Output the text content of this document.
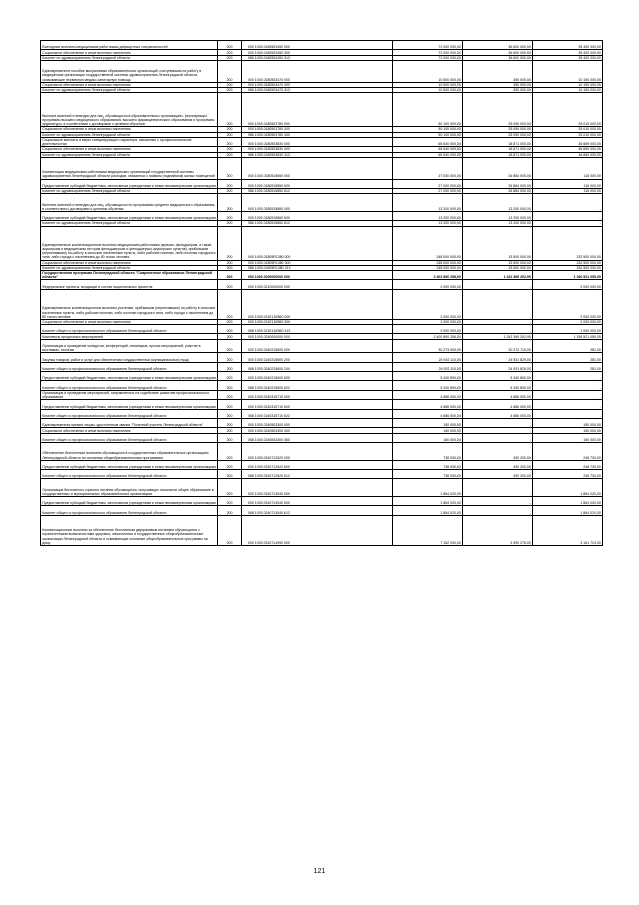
Ежегодные выплаты медицинским работникам дефицитных специальностей	200	000 1003 0180503450 000	72 000 000,00	36 600 000,00	35 400 000,00
Социальное обеспечение и иные выплаты населению	200	000 1003 0180503450 300	72 000 000,00	36 600 000,00	35 400 000,00
Комитет по здравоохранению Ленинградской области	200	986 1003 0180503450 313	72 000 000,00	36 600 000,00	35 400 000,00
Единовременное пособие выпускникам образовательных организаций, поступившим на работу в медицинские организации государственной системы здравоохранения Ленинградской области, оказывающие первичную медико-санитарную помощь	200	000 1003 0180503470 000	10 500 000,00	350 000,00	10 150 000,00
Социальное обеспечение и иные выплаты населению	200	000 1003 0180503470 300	10 500 000,00	350 000,00	10 150 000,00
Комитет по здравоохранению Ленинградской области	200	986 1003 0180503470 313	10 500 000,00	350 000,00	10 150 000,00
Выплата именной стипендии для лиц, обучающихся в образовательных организациях, реализующих программы высшего медицинского образования, высшего фармацевтического образования и программы ординатуры, в соответствии с договорами о целевом обучении	200	000 1003 0180503780 000	50 100 000,00	25 090 000,00	25 010 000,00
Социальное обеспечение и иные выплаты населению	200	000 1003 0180503780 300	50 100 000,00	25 090 000,00	25 010 000,00
Комитет по здравоохранению Ленинградской области	200	986 1003 0180503780 340	50 100 000,00	25 090 000,00	25 010 000,00
Социальные выплаты и меры стимулирующего характера, связанные с профессиональной деятельностью	200	000 1003 0180503830 000	65 540 000,00	18 871 000,00	46 669 000,00
Социальное обеспечение и иные выплаты населению	200	000 1003 0180503830 300	65 540 000,00	18 871 000,00	46 669 000,00
Комитет по здравоохранению Ленинградской области	200	986 1003 0180503830 313	65 540 000,00	18 871 000,00	46 669 000,00
Компенсация медицинским работникам медицинских организаций государственной системы здравоохранения Ленинградской области расходов, связанных с наймом (поднаймом) жилых помещений	200	000 1003 0180515850 000	27 000 000,00	26 884 000,00	116 000,00
Предоставление субсидий бюджетным, автономным учреждениям и иным некоммерческим организациям	200	000 1003 0180515850 600	27 000 000,00	26 884 000,00	116 000,00
Комитет по здравоохранению Ленинградской области	200	986 1003 0180515850 612	27 000 000,00	26 884 000,00	116 000,00
Выплата именной стипендии для лиц, обучающихся по программам среднего медицинского образования, в соответствии с договорами о целевом обучении	200	000 1003 0180515860 000	13 200 000,00	13 200 000,00	-
Предоставление субсидий бюджетным, автономным учреждениям и иным некоммерческим организациям	200	000 1003 0180515860 600	13 200 000,00	13 200 000,00	-
Комитет по здравоохранению Ленинградской области	200	986 1003 0180515860 612	13 200 000,00	13 200 000,00	-
Единовременные компенсационные выплаты медицинским работникам (врачам, фельдшерам, а также акушеркам и медицинским сестрам фельдшерских и фельдшерско-акушерских пунктов), прибывшим (переехавшим) на работу в сельские населенные пункты, либо рабочие поселки, либо поселки городского типа, либо города с населением до 50 тысяч человек	200	000 1003 01805R1380 000	248 000 000,00	15 500 000,00	232 500 000,00
Социальное обеспечение и иные выплаты населению	200	000 1003 01805R1380 300	248 000 000,00	15 500 000,00	232 500 000,00
Комитет по здравоохранению Ленинградской области	200	986 1003 01805R1380 313	248 000 000,00	15 500 000,00	232 500 000,00
Государственная программа Ленинградской области "Современное образование Ленинградской области"	200	000 1003 0200000000 000	2 402 890 258,00	1 242 369 202,95	1 160 521 055,05
Федеральные проекты, входящие в состав национальных проектов	200	000 1003 0210000000 000	2 000 000,00	-	2 000 000,00
Единовременные компенсационные выплаты учителям, прибывшим (переехавшим) на работу в сельские населенные пункты, либо рабочие поселки, либо поселки городского типа, либо города с населением до 50 тысяч человек	200	000 1003 021E152560 000	2 000 000,00	-	2 000 000,00
Социальное обеспечение и иные выплаты населению	200	000 1003 021E152560 300	2 000 000,00	-	2 000 000,00
Комитет общего и профессионального образования Ленинградской области	200	068 1003 021E152560 313	2 000 000,00	-	2 000 000,00
Комплексы процессных мероприятий	200	000 1003 0240000000 000	2 400 890 258,00	1 242 369 202,95	1 158 521 055,05
Организация и проведение конкурсов, конференций, семинаров, прочих мероприятий, участие в выставках, салонах	200	000 1003 0240215600 000	30 273 000,00	30 272 719,00	281,00
Закупка товаров, работ и услуг для обеспечения государственных (муниципальных) нужд	200	000 1003 0240215600 200	24 932 110,00	24 931 829,00	281,00
Комитет общего и профессионального образования Ленинградской области	200	068 1003 0240215600 244	24 932 110,00	24 931 829,00	281,00
Предоставление субсидий бюджетным, автономным учреждениям и иным некоммерческим организациям	200	000 1003 0240215600 600	5 340 890,00	5 340 890,00	-
Комитет общего и профессионального образования Ленинградской области	200	068 1003 0240215600 622	5 340 890,00	5 340 890,00	-
Организация и проведение мероприятий, направленных на содействие развитию профессионального образования	200	000 1003 0240315710 000	4 686 000,00	4 686 000,00	-
Предоставление субсидий бюджетным, автономным учреждениям и иным некоммерческим организациям	200	000 1003 0240315710 600	4 686 000,00	4 686 000,00	-
Комитет общего и профессионального образования Ленинградской области	200	068 1003 0240315710 622	4 686 000,00	4 686 000,00	-
Единовременная премия лицам, удостоенным звания "Почетный учитель Ленинградской области"	200	000 1003 0240503300 000	150 000,00	-	150 000,00
Социальное обеспечение и иные выплаты населению	200	000 1003 0240503300 300	150 000,00	-	150 000,00
Комитет общего и профессионального образования Ленинградской области	200	068 1003 0240503300 360	150 000,00	-	150 000,00
Обеспечение бесплатным питанием обучающихся в государственных образовательных организациях Ленинградской области по основным общеобразовательным программам	200	000 1003 0240712620 000	738 930,00	492 200,00	246 730,00
Предоставление субсидий бюджетным, автономным учреждениям и иным некоммерческим организациям	200	000 1003 0240712620 600	738 930,00	492 200,00	246 730,00
Комитет общего и профессионального образования Ленинградской области	200	068 1003 0240712620 612	738 930,00	492 200,00	246 730,00
Организация бесплатного горячего питания обучающихся, получающих начальное общее образование в государственных и муниципальных образовательных организациях	200	000 1003 0240713040 000	1 864 020,00	-	1 864 020,00
Предоставление субсидий бюджетным, автономным учреждениям и иным некоммерческим организациям	200	000 1003 0240713040 600	1 864 020,00	-	1 864 020,00
Комитет общего и профессионального образования Ленинградской области	200	068 1003 0240713040 612	1 864 020,00	-	1 864 020,00
Компенсационные выплаты за обеспечение бесплатным двухразовым питанием обучающихся с ограниченными возможностями здоровья, зачисленных в государственные общеобразовательные организации Ленинградской области и осваивающих основные общеобразовательные программы на дому	200	000 1003 0240714990 000	7 152 000,00	3 990 276,00	3 161 724,00
121
